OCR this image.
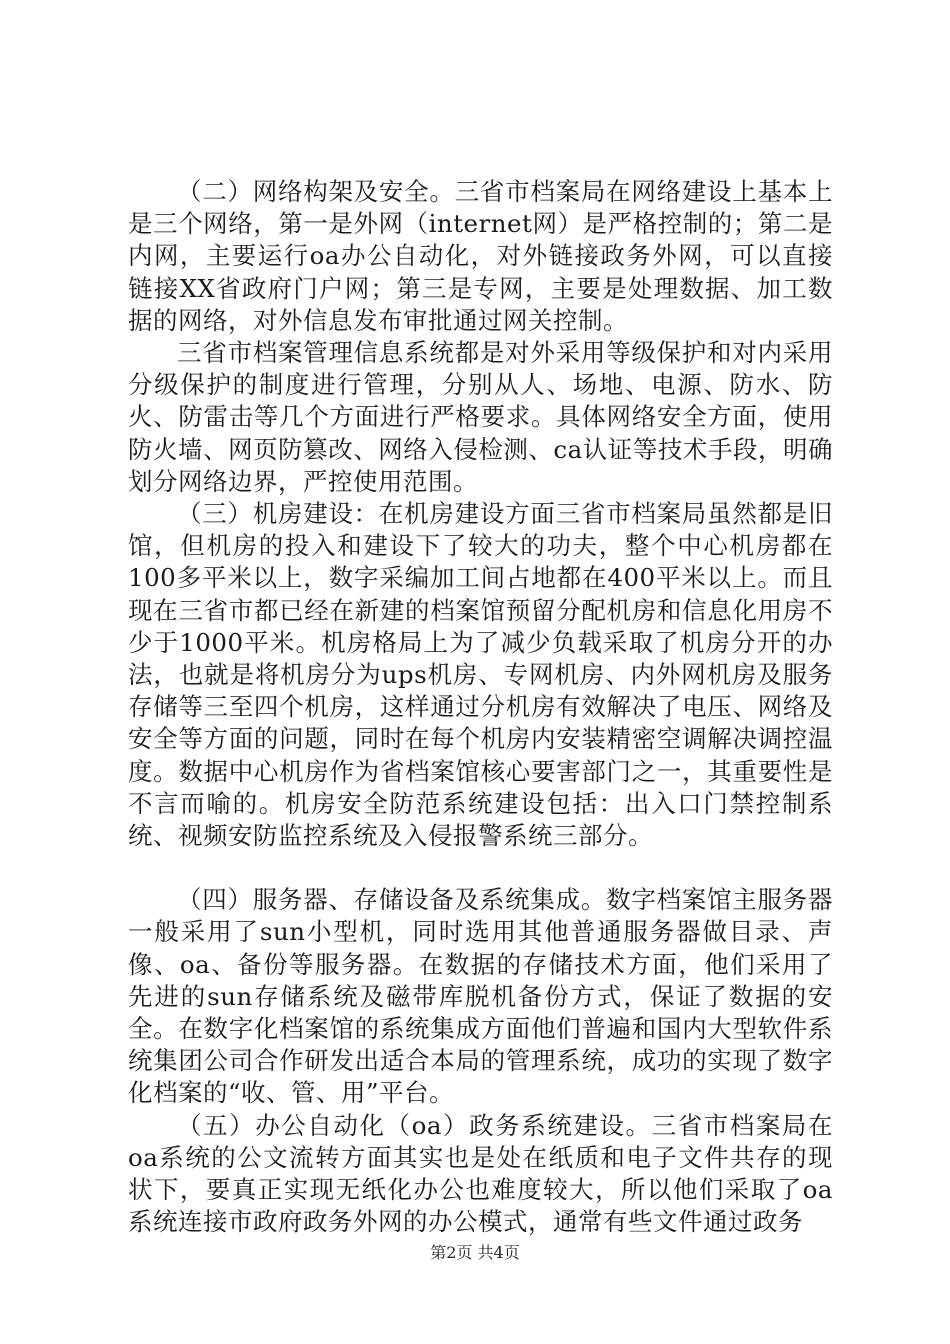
（二）网络构架及安全。三省市档案局在网络建设上基本上是三个网络，第一是外网（internet网）是严格控制的；第二是内网，主要运行oa办公自动化，对外链接政务外网，可以直接链接XX省政府门户网；第三是专网，主要是处理数据、加工数据的网络，对外信息发布审批通过网关控制。

三省市档案管理信息系统都是对外采用等级保护和对内采用分级保护的制度进行管理，分别从人、场地、电源、防水、防火、防雷击等几个方面进行严格要求。具体网络安全方面，使用防火墙、网页防篡改、网络入侵检测、ca认证等技术手段，明确划分网络边界，严控使用范围。

（三）机房建设：在机房建设方面三省市档案局虽然都是旧馆，但机房的投入和建设下了较大的功夫，整个中心机房都在100多平米以上，数字采编加工间占地都在400平米以上。而且现在三省市都已经在新建的档案馆预留分配机房和信息化用房不少于1000平米。机房格局上为了减少负载采取了机房分开的办法，也就是将机房分为ups机房、专网机房、内外网机房及服务存储等三至四个机房，这样通过分机房有效解决了电压、网络及安全等方面的问题，同时在每个机房内安装精密空调解决调控温度。数据中心机房作为省档案馆核心要害部门之一，其重要性是不言而喻的。机房安全防范系统建设包括：出入口门禁控制系统、视频安防监控系统及入侵报警系统三部分。

（四）服务器、存储设备及系统集成。数字档案馆主服务器一般采用了sun小型机，同时选用其他普通服务器做目录、声像、oa、备份等服务器。在数据的存储技术方面，他们采用了先进的sun存储系统及磁带库脱机备份方式，保证了数据的安全。在数字化档案馆的系统集成方面他们普遍和国内大型软件系统集团公司合作研发出适合本局的管理系统，成功的实现了数字化档案的“收、管、用”平台。

（五）办公自动化（oa）政务系统建设。三省市档案局在oa系统的公文流转方面其实也是处在纸质和电子文件共存的现状下，要真正实现无纸化办公也难度较大，所以他们采取了oa系统连接市政府政务外网的办公模式，通常有些文件通过政务

第2页 共4页
